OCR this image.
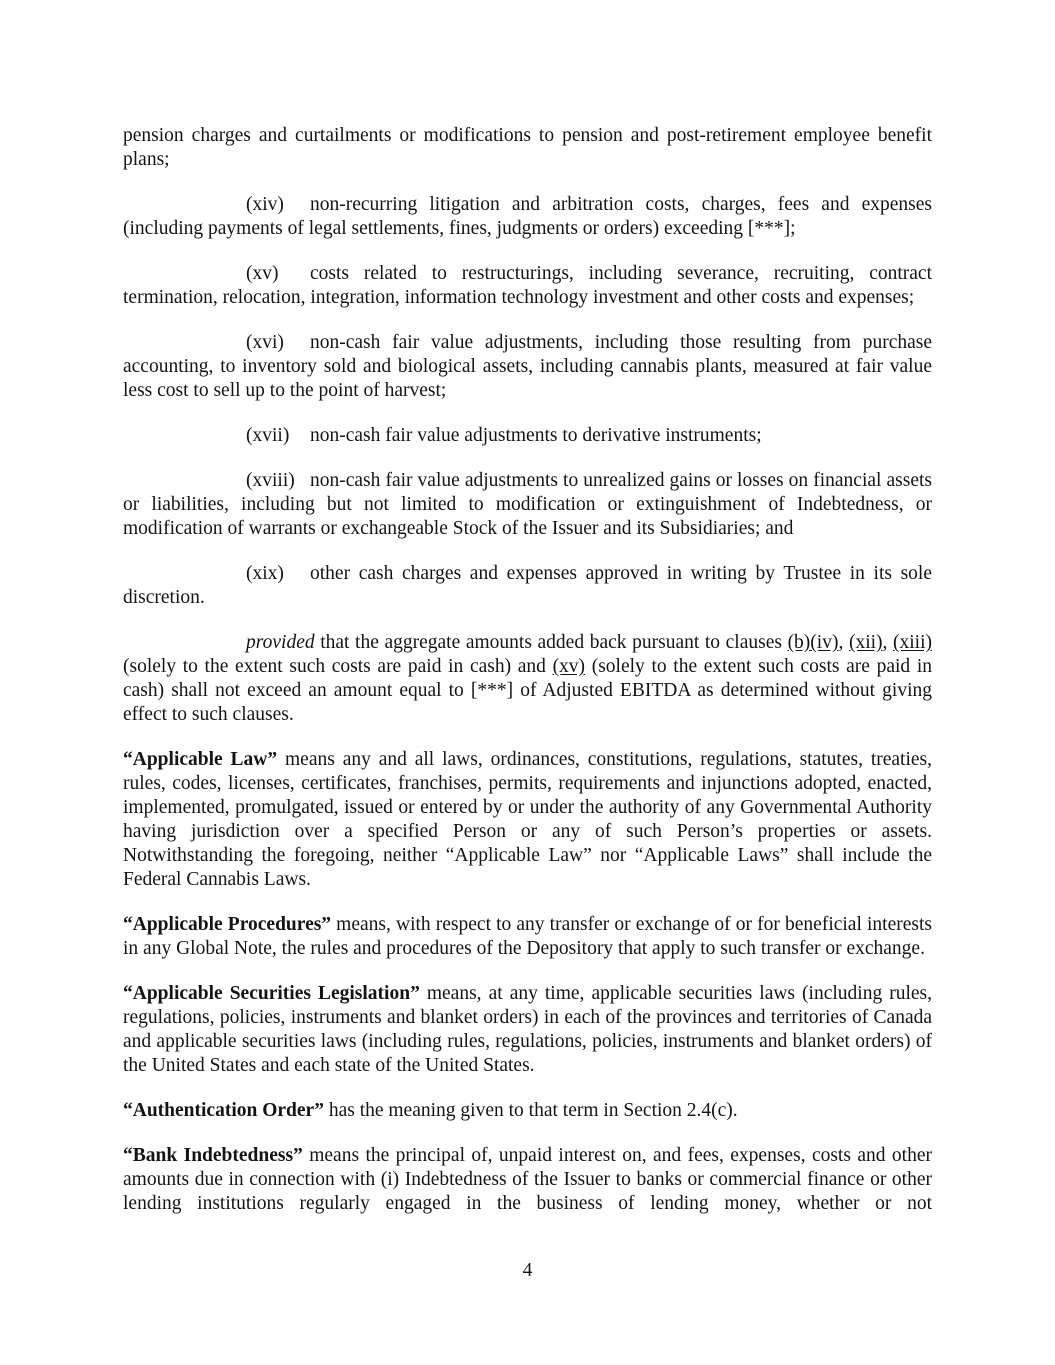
pension charges and curtailments or modifications to pension and post-retirement employee benefit plans;

(xiv) non-recurring litigation and arbitration costs, charges, fees and expenses (including payments of legal settlements, fines, judgments or orders) exceeding [***];

(xv) costs related to restructurings, including severance, recruiting, contract termination, relocation, integration, information technology investment and other costs and expenses;

(xvi) non-cash fair value adjustments, including those resulting from purchase accounting, to inventory sold and biological assets, including cannabis plants, measured at fair value less cost to sell up to the point of harvest;

(xvii) non-cash fair value adjustments to derivative instruments;

(xviii) non-cash fair value adjustments to unrealized gains or losses on financial assets or liabilities, including but not limited to modification or extinguishment of Indebtedness, or modification of warrants or exchangeable Stock of the Issuer and its Subsidiaries; and

(xix) other cash charges and expenses approved in writing by Trustee in its sole discretion.

provided that the aggregate amounts added back pursuant to clauses (b)(iv), (xii), (xiii) (solely to the extent such costs are paid in cash) and (xv) (solely to the extent such costs are paid in cash) shall not exceed an amount equal to [***] of Adjusted EBITDA as determined without giving effect to such clauses.

“Applicable Law” means any and all laws, ordinances, constitutions, regulations, statutes, treaties, rules, codes, licenses, certificates, franchises, permits, requirements and injunctions adopted, enacted, implemented, promulgated, issued or entered by or under the authority of any Governmental Authority having jurisdiction over a specified Person or any of such Person’s properties or assets. Notwithstanding the foregoing, neither “Applicable Law” nor “Applicable Laws” shall include the Federal Cannabis Laws.

“Applicable Procedures” means, with respect to any transfer or exchange of or for beneficial interests in any Global Note, the rules and procedures of the Depository that apply to such transfer or exchange.

“Applicable Securities Legislation” means, at any time, applicable securities laws (including rules, regulations, policies, instruments and blanket orders) in each of the provinces and territories of Canada and applicable securities laws (including rules, regulations, policies, instruments and blanket orders) of the United States and each state of the United States.

“Authentication Order” has the meaning given to that term in Section 2.4(c).

“Bank Indebtedness” means the principal of, unpaid interest on, and fees, expenses, costs and other amounts due in connection with (i) Indebtedness of the Issuer to banks or commercial finance or other lending institutions regularly engaged in the business of lending money, whether or not

4
